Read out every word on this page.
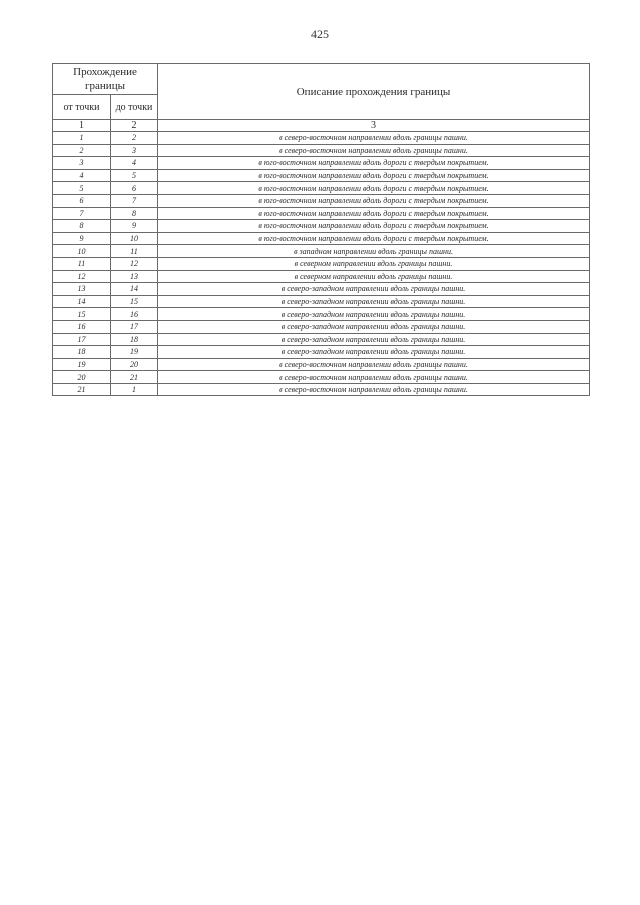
425
Прохождение границы		Описание прохождения границы
от точки	до точки	
1	2	3
1	2	в северо-восточном направлении вдоль границы пашни.
2	3	в северо-восточном направлении вдоль границы пашни.
3	4	в юго-восточном направлении вдоль дороги с твердым покрытием.
4	5	в юго-восточном направлении вдоль дороги с твердым покрытием.
5	6	в юго-восточном направлении вдоль дороги с твердым покрытием.
6	7	в юго-восточном направлении вдоль дороги с твердым покрытием.
7	8	в юго-восточном направлении вдоль дороги с твердым покрытием.
8	9	в юго-восточном направлении вдоль дороги с твердым покрытием.
9	10	в юго-восточном направлении вдоль дороги с твердым покрытием.
10	11	в западном направлении вдоль границы пашни.
11	12	в северном направлении вдоль границы пашни.
12	13	в северном направлении вдоль границы пашни.
13	14	в северо-западном направлении вдоль границы пашни.
14	15	в северо-западном направлении вдоль границы пашни.
15	16	в северо-западном направлении вдоль границы пашни.
16	17	в северо-западном направлении вдоль границы пашни.
17	18	в северо-западном направлении вдоль границы пашни.
18	19	в северо-западном направлении вдоль границы пашни.
19	20	в северо-восточном направлении вдоль границы пашни.
20	21	в северо-восточном направлении вдоль границы пашни.
21	1	в северо-восточном направлении вдоль границы пашни.
